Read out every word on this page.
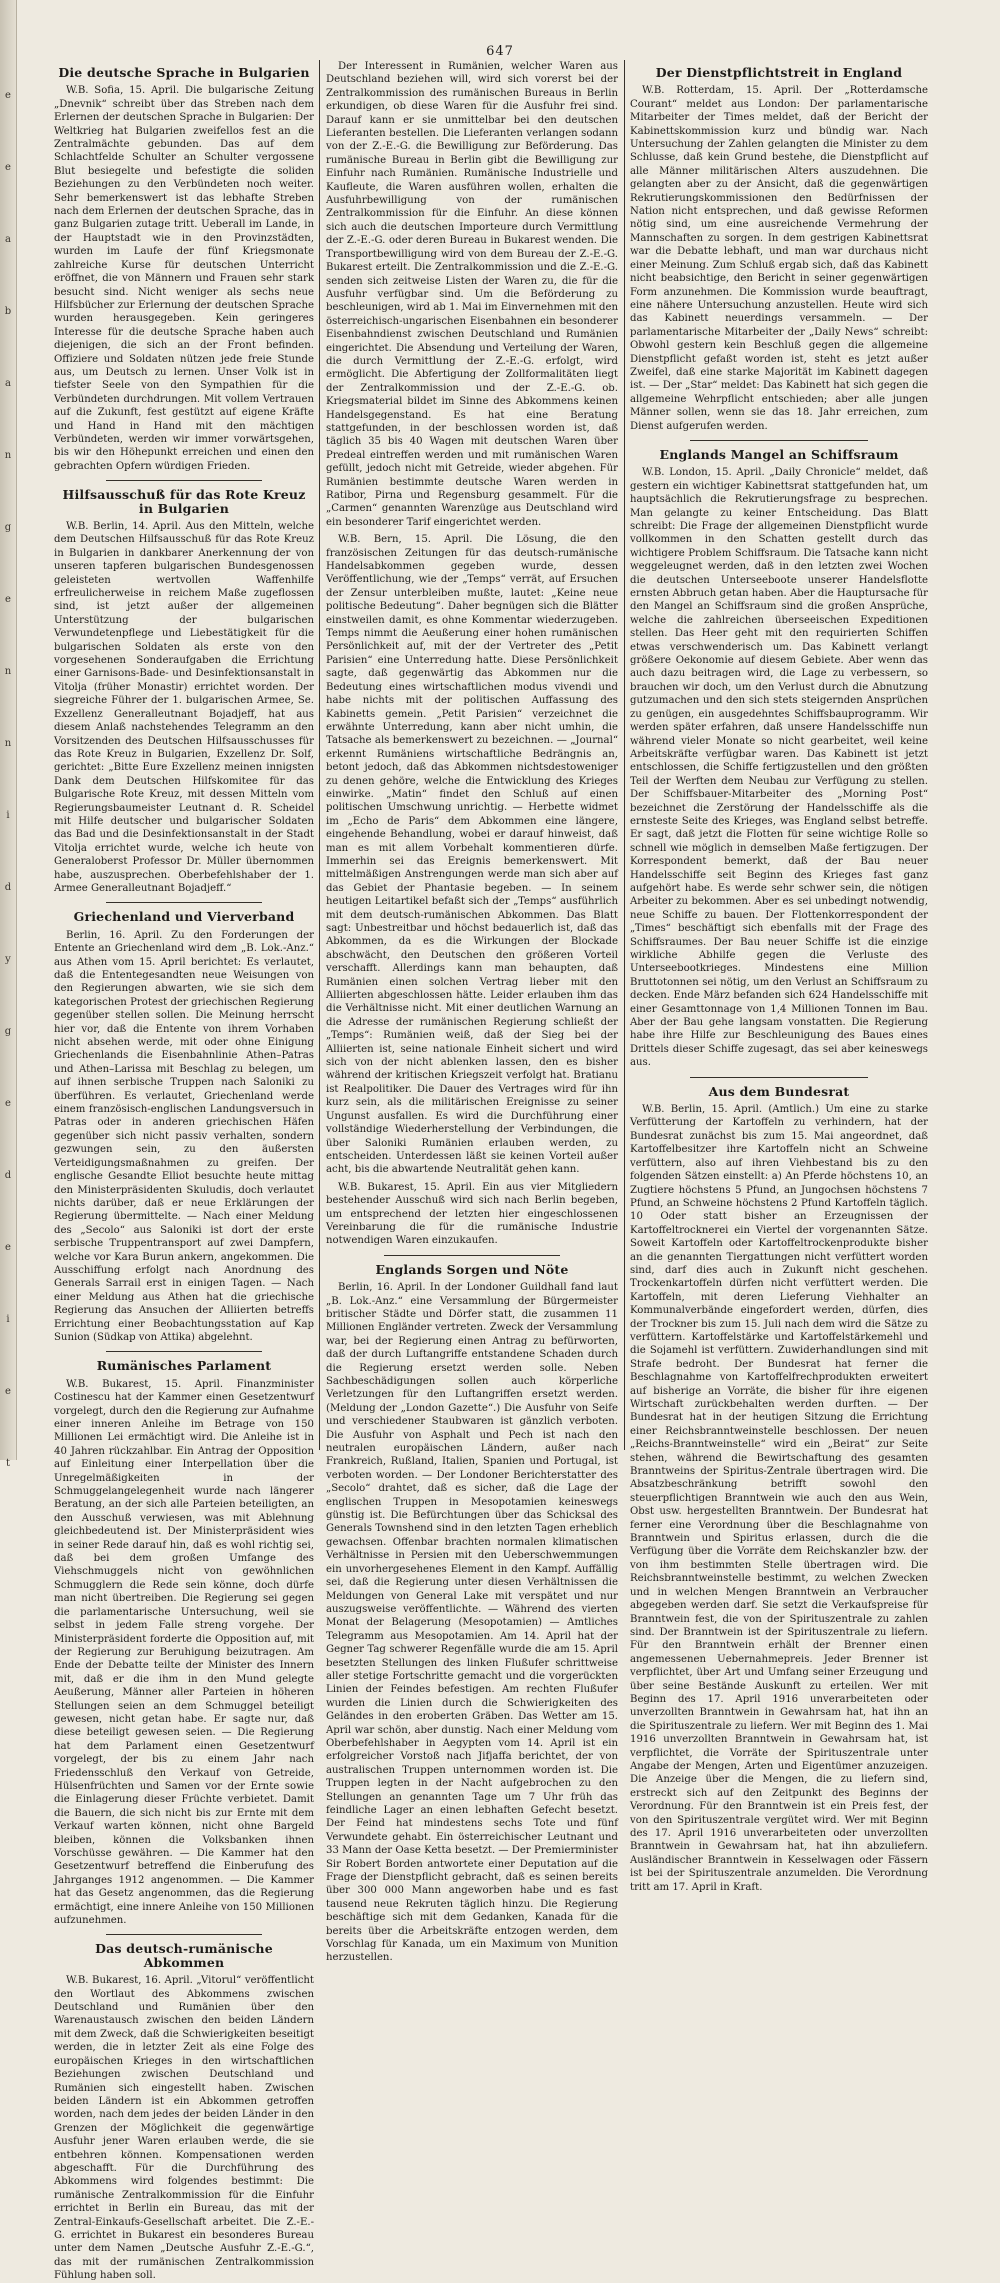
e
e
a
b
a
n
g
e
n
n
i
d
y
g
e
d
e
i
e
t
647
Die deutsche Sprache in Bulgarien

W.B. Sofia, 15. April. Die bulgarische Zeitung „Dnevnik“ schreibt über das Streben nach dem Erlernen der deutschen Sprache in Bulgarien: Der Weltkrieg hat Bulgarien zweifellos fest an die Zentralmächte gebunden. Das auf dem Schlachtfelde Schulter an Schulter vergossene Blut besiegelte und befestigte die soliden Beziehungen zu den Verbündeten noch weiter. Sehr bemerkenswert ist das lebhafte Streben nach dem Erlernen der deutschen Sprache, das in ganz Bulgarien zutage tritt. Ueberall im Lande, in der Hauptstadt wie in den Provinzstädten, wurden im Laufe der fünf Kriegsmonate zahlreiche Kurse für deutschen Unterricht eröffnet, die von Männern und Frauen sehr stark besucht sind. Nicht weniger als sechs neue Hilfsbücher zur Erlernung der deutschen Sprache wurden herausgegeben. Kein geringeres Interesse für die deutsche Sprache haben auch diejenigen, die sich an der Front befinden. Offiziere und Soldaten nützen jede freie Stunde aus, um Deutsch zu lernen. Unser Volk ist in tiefster Seele von den Sympathien für die Verbündeten durchdrungen. Mit vollem Vertrauen auf die Zukunft, fest gestützt auf eigene Kräfte und Hand in Hand mit den mächtigen Verbündeten, werden wir immer vorwärtsgehen, bis wir den Höhepunkt erreichen und einen den gebrachten Opfern würdigen Frieden.

Hilfsausschuß für das Rote Kreuz in Bulgarien

W.B. Berlin, 14. April. Aus den Mitteln, welche dem Deutschen Hilfsausschuß für das Rote Kreuz in Bulgarien in dankbarer Anerkennung der von unseren tapferen bulgarischen Bundesgenossen geleisteten wertvollen Waffenhilfe erfreulicherweise in reichem Maße zugeflossen sind, ist jetzt außer der allgemeinen Unterstützung der bulgarischen Verwundetenpflege und Liebestätigkeit für die bulgarischen Soldaten als erste von den vorgesehenen Sonderaufgaben die Errichtung einer Garnisons-Bade- und Desinfektionsanstalt in Vitolja (früher Monastir) errichtet worden. Der siegreiche Führer der 1. bulgarischen Armee, Se. Exzellenz Generalleutnant Bojadjeff, hat aus diesem Anlaß nachstehendes Telegramm an den Vorsitzenden des Deutschen Hilfsausschusses für das Rote Kreuz in Bulgarien, Exzellenz Dr. Solf, gerichtet: „Bitte Eure Exzellenz meinen innigsten Dank dem Deutschen Hilfskomitee für das Bulgarische Rote Kreuz, mit dessen Mitteln vom Regierungsbaumeister Leutnant d. R. Scheidel mit Hilfe deutscher und bulgarischer Soldaten das Bad und die Desinfektionsanstalt in der Stadt Vitolja errichtet wurde, welche ich heute von Generaloberst Professor Dr. Müller übernommen habe, auszusprechen. Oberbefehlshaber der 1. Armee Generalleutnant Bojadjeff.“

Griechenland und Vierverband

Berlin, 16. April. Zu den Forderungen der Entente an Griechenland wird dem „B. Lok.-Anz.“ aus Athen vom 15. April berichtet: Es verlautet, daß die Ententegesandten neue Weisungen von den Regierungen abwarten, wie sie sich dem kategorischen Protest der griechischen Regierung gegenüber stellen sollen. Die Meinung herrscht hier vor, daß die Entente von ihrem Vorhaben nicht absehen werde, mit oder ohne Einigung Griechenlands die Eisenbahnlinie Athen–Patras und Athen–Larissa mit Beschlag zu belegen, um auf ihnen serbische Truppen nach Saloniki zu überführen. Es verlautet, Griechenland werde einem französisch-englischen Landungsversuch in Patras oder in anderen griechischen Häfen gegenüber sich nicht passiv verhalten, sondern gezwungen sein, zu den äußersten Verteidigungsmaßnahmen zu greifen. Der englische Gesandte Elliot besuchte heute mittag den Ministerpräsidenten Skuludis, doch verlautet nichts darüber, daß er neue Erklärungen der Regierung übermittelte. — Nach einer Meldung des „Secolo“ aus Saloniki ist dort der erste serbische Truppentransport auf zwei Dampfern, welche vor Kara Burun ankern, angekommen. Die Ausschiffung erfolgt nach Anordnung des Generals Sarrail erst in einigen Tagen. — Nach einer Meldung aus Athen hat die griechische Regierung das Ansuchen der Alliierten betreffs Errichtung einer Beobachtungsstation auf Kap Sunion (Südkap von Attika) abgelehnt.

Rumänisches Parlament

W.B. Bukarest, 15. April. Finanzminister Costinescu hat der Kammer einen Gesetzentwurf vorgelegt, durch den die Regierung zur Aufnahme einer inneren Anleihe im Betrage von 150 Millionen Lei ermächtigt wird. Die Anleihe ist in 40 Jahren rückzahlbar. Ein Antrag der Opposition auf Einleitung einer Interpellation über die Unregelmäßigkeiten in der Schmuggelangelegenheit wurde nach längerer Beratung, an der sich alle Parteien beteiligten, an den Ausschuß verwiesen, was mit Ablehnung gleichbedeutend ist. Der Ministerpräsident wies in seiner Rede darauf hin, daß es wohl richtig sei, daß bei dem großen Umfange des Viehschmuggels nicht von gewöhnlichen Schmugglern die Rede sein könne, doch dürfe man nicht übertreiben. Die Regierung sei gegen die parlamentarische Untersuchung, weil sie selbst in jedem Falle streng vorgehe. Der Ministerpräsident forderte die Opposition auf, mit der Regierung zur Beruhigung beizutragen. Am Ende der Debatte teilte der Minister des Innern mit, daß er die ihm in den Mund gelegte Aeußerung, Männer aller Parteien in höheren Stellungen seien an dem Schmuggel beteiligt gewesen, nicht getan habe. Er sagte nur, daß diese beteiligt gewesen seien. — Die Regierung hat dem Parlament einen Gesetzentwurf vorgelegt, der bis zu einem Jahr nach Friedensschluß den Verkauf von Getreide, Hülsenfrüchten und Samen vor der Ernte sowie die Einlagerung dieser Früchte verbietet. Damit die Bauern, die sich nicht bis zur Ernte mit dem Verkauf warten können, nicht ohne Bargeld bleiben, können die Volksbanken ihnen Vorschüsse gewähren. — Die Kammer hat den Gesetzentwurf betreffend die Einberufung des Jahrganges 1912 angenommen. — Die Kammer hat das Gesetz angenommen, das die Regierung ermächtigt, eine innere Anleihe von 150 Millionen aufzunehmen.

Das deutsch-rumänische Abkommen

W.B. Bukarest, 16. April. „Vitorul“ veröffentlicht den Wortlaut des Abkommens zwischen Deutschland und Rumänien über den Warenaustausch zwischen den beiden Ländern mit dem Zweck, daß die Schwierigkeiten beseitigt werden, die in letzter Zeit als eine Folge des europäischen Krieges in den wirtschaftlichen Beziehungen zwischen Deutschland und Rumänien sich eingestellt haben. Zwischen beiden Ländern ist ein Abkommen getroffen worden, nach dem jedes der beiden Länder in den Grenzen der Möglichkeit die gegenwärtige Ausfuhr jener Waren erlauben werde, die sie entbehren können. Kompensationen werden abgeschafft. Für die Durchführung des Abkommens wird folgendes bestimmt: Die rumänische Zentralkommission für die Einfuhr errichtet in Berlin ein Bureau, das mit der Zentral-Einkaufs-Gesellschaft arbeitet. Die Z.-E.-G. errichtet in Bukarest ein besonderes Bureau unter dem Namen „Deutsche Ausfuhr Z.-E.-G.“, das mit der rumänischen Zentralkommission Fühlung haben soll.

Der Interessent in Rumänien, welcher Waren aus Deutschland beziehen will, wird sich vorerst bei der Zentralkommission des rumänischen Bureaus in Berlin erkundigen, ob diese Waren für die Ausfuhr frei sind. Darauf kann er sie unmittelbar bei den deutschen Lieferanten bestellen. Die Lieferanten verlangen sodann von der Z.-E.-G. die Bewilligung zur Beförderung. Das rumänische Bureau in Berlin gibt die Bewilligung zur Einfuhr nach Rumänien. Rumänische Industrielle und Kaufleute, die Waren ausführen wollen, erhalten die Ausfuhrbewilligung von der rumänischen Zentralkommission für die Einfuhr. An diese können sich auch die deutschen Importeure durch Vermittlung der Z.-E.-G. oder deren Bureau in Bukarest wenden. Die Transportbewilligung wird von dem Bureau der Z.-E.-G. Bukarest erteilt. Die Zentralkommission und die Z.-E.-G. senden sich zeitweise Listen der Waren zu, die für die Ausfuhr verfügbar sind. Um die Beförderung zu beschleunigen, wird ab 1. Mai im Einvernehmen mit den österreichisch-ungarischen Eisenbahnen ein besonderer Eisenbahndienst zwischen Deutschland und Rumänien eingerichtet. Die Absendung und Verteilung der Waren, die durch Vermittlung der Z.-E.-G. erfolgt, wird ermöglicht. Die Abfertigung der Zollformalitäten liegt der Zentralkommission und der Z.-E.-G. ob. Kriegsmaterial bildet im Sinne des Abkommens keinen Handelsgegenstand. Es hat eine Beratung stattgefunden, in der beschlossen worden ist, daß täglich 35 bis 40 Wagen mit deutschen Waren über Predeal eintreffen werden und mit rumänischen Waren gefüllt, jedoch nicht mit Getreide, wieder abgehen. Für Rumänien bestimmte deutsche Waren werden in Ratibor, Pirna und Regensburg gesammelt. Für die „Carmen“ genannten Warenzüge aus Deutschland wird ein besonderer Tarif eingerichtet werden.

W.B. Bern, 15. April. Die Lösung, die den französischen Zeitungen für das deutsch-rumänische Handelsabkommen gegeben wurde, dessen Veröffentlichung, wie der „Temps“ verrät, auf Ersuchen der Zensur unterbleiben mußte, lautet: „Keine neue politische Bedeutung“. Daher begnügen sich die Blätter einstweilen damit, es ohne Kommentar wiederzugeben. Temps nimmt die Aeußerung einer hohen rumänischen Persönlichkeit auf, mit der der Vertreter des „Petit Parisien“ eine Unterredung hatte. Diese Persönlichkeit sagte, daß gegenwärtig das Abkommen nur die Bedeutung eines wirtschaftlichen modus vivendi und habe nichts mit der politischen Auffassung des Kabinetts gemein. „Petit Parisien“ verzeichnet die erwähnte Unterredung, kann aber nicht umhin, die Tatsache als bemerkenswert zu bezeichnen. — „Journal“ erkennt Rumäniens wirtschaftliche Bedrängnis an, betont jedoch, daß das Abkommen nichtsdestoweniger zu denen gehöre, welche die Entwicklung des Krieges einwirke. „Matin“ findet den Schluß auf einen politischen Umschwung unrichtig. — Herbette widmet im „Echo de Paris“ dem Abkommen eine längere, eingehende Behandlung, wobei er darauf hinweist, daß man es mit allem Vorbehalt kommentieren dürfe. Immerhin sei das Ereignis bemerkenswert. Mit mittelmäßigen Anstrengungen werde man sich aber auf das Gebiet der Phantasie begeben. — In seinem heutigen Leitartikel befaßt sich der „Temps“ ausführlich mit dem deutsch-rumänischen Abkommen. Das Blatt sagt: Unbestreitbar und höchst bedauerlich ist, daß das Abkommen, da es die Wirkungen der Blockade abschwächt, den Deutschen den größeren Vorteil verschafft. Allerdings kann man behaupten, daß Rumänien einen solchen Vertrag lieber mit den Alliierten abgeschlossen hätte. Leider erlauben ihm das die Verhältnisse nicht. Mit einer deutlichen Warnung an die Adresse der rumänischen Regierung schließt der „Temps“: Rumänien weiß, daß der Sieg bei der Alliierten ist, seine nationale Einheit sichert und wird sich von der nicht ablenken lassen, den es bisher während der kritischen Kriegszeit verfolgt hat. Bratianu ist Realpolitiker. Die Dauer des Vertrages wird für ihn kurz sein, als die militärischen Ereignisse zu seiner Ungunst ausfallen. Es wird die Durchführung einer vollständige Wiederherstellung der Verbindungen, die über Saloniki Rumänien erlauben werden, zu entscheiden. Unterdessen läßt sie keinen Vorteil außer acht, bis die abwartende Neutralität gehen kann.

W.B. Bukarest, 15. April. Ein aus vier Mitgliedern bestehender Ausschuß wird sich nach Berlin begeben, um entsprechend der letzten hier eingeschlossenen Vereinbarung die für die rumänische Industrie notwendigen Waren einzukaufen.

Englands Sorgen und Nöte

Berlin, 16. April. In der Londoner Guildhall fand laut „B. Lok.-Anz.“ eine Versammlung der Bürgermeister britischer Städte und Dörfer statt, die zusammen 11 Millionen Engländer vertreten. Zweck der Versammlung war, bei der Regierung einen Antrag zu befürworten, daß der durch Luftangriffe entstandene Schaden durch die Regierung ersetzt werden solle. Neben Sachbeschädigungen sollen auch körperliche Verletzungen für den Luftangriffen ersetzt werden. (Meldung der „London Gazette“.) Die Ausfuhr von Seife und verschiedener Staubwaren ist gänzlich verboten. Die Ausfuhr von Asphalt und Pech ist nach den neutralen europäischen Ländern, außer nach Frankreich, Rußland, Italien, Spanien und Portugal, ist verboten worden. — Der Londoner Berichterstatter des „Secolo“ drahtet, daß es sicher, daß die Lage der englischen Truppen in Mesopotamien keineswegs günstig ist. Die Befürchtungen über das Schicksal des Generals Townshend sind in den letzten Tagen erheblich gewachsen. Offenbar brachten normalen klimatischen Verhältnisse in Persien mit den Ueberschwemmungen ein unvorhergesehenes Element in den Kampf. Auffällig sei, daß die Regierung unter diesen Verhältnissen die Meldungen von General Lake mit verspätet und nur auszugsweise veröffentlichte. — Während des vierten Monat der Belagerung (Mesopotamien) — Amtliches Telegramm aus Mesopotamien. Am 14. April hat der Gegner Tag schwerer Regenfälle wurde die am 15. April besetzten Stellungen des linken Flußufer schrittweise aller stetige Fortschritte gemacht und die vorgerückten Linien der Feindes befestigen. Am rechten Flußufer wurden die Linien durch die Schwierigkeiten des Geländes in den eroberten Gräben. Das Wetter am 15. April war schön, aber dunstig. Nach einer Meldung vom Oberbefehlshaber in Aegypten vom 14. April ist ein erfolgreicher Vorstoß nach Jifjaffa berichtet, der von australischen Truppen unternommen worden ist. Die Truppen legten in der Nacht aufgebrochen zu den Stellungen an genannten Tage um 7 Uhr früh das feindliche Lager an einen lebhaften Gefecht besetzt. Der Feind hat mindestens sechs Tote und fünf Verwundete gehabt. Ein österreichischer Leutnant und 33 Mann der Oase Ketta besetzt. — Der Premierminister Sir Robert Borden antwortete einer Deputation auf die Frage der Dienstpflicht gebracht, daß es seinen bereits über 300 000 Mann angeworben habe und es fast tausend neue Rekruten täglich hinzu. Die Regierung beschäftige sich mit dem Gedanken, Kanada für die bereits über die Arbeitskräfte entzogen werden, dem Vorschlag für Kanada, um ein Maximum von Munition herzustellen.

Der Dienstpflichtstreit in England

W.B. Rotterdam, 15. April. Der „Rotterdamsche Courant“ meldet aus London: Der parlamentarische Mitarbeiter der Times meldet, daß der Bericht der Kabinettskommission kurz und bündig war. Nach Untersuchung der Zahlen gelangten die Minister zu dem Schlusse, daß kein Grund bestehe, die Dienstpflicht auf alle Männer militärischen Alters auszudehnen. Die gelangten aber zu der Ansicht, daß die gegenwärtigen Rekrutierungskommissionen den Bedürfnissen der Nation nicht entsprechen, und daß gewisse Reformen nötig sind, um eine ausreichende Vermehrung der Mannschaften zu sorgen. In dem gestrigen Kabinettsrat war die Debatte lebhaft, und man war durchaus nicht einer Meinung. Zum Schluß ergab sich, daß das Kabinett nicht beabsichtige, den Bericht in seiner gegenwärtigen Form anzunehmen. Die Kommission wurde beauftragt, eine nähere Untersuchung anzustellen. Heute wird sich das Kabinett neuerdings versammeln. — Der parlamentarische Mitarbeiter der „Daily News“ schreibt: Obwohl gestern kein Beschluß gegen die allgemeine Dienstpflicht gefaßt worden ist, steht es jetzt außer Zweifel, daß eine starke Majorität im Kabinett dagegen ist. — Der „Star“ meldet: Das Kabinett hat sich gegen die allgemeine Wehrpflicht entschieden; aber alle jungen Männer sollen, wenn sie das 18. Jahr erreichen, zum Dienst aufgerufen werden.

Englands Mangel an Schiffsraum

W.B. London, 15. April. „Daily Chronicle“ meldet, daß gestern ein wichtiger Kabinettsrat stattgefunden hat, um hauptsächlich die Rekrutierungsfrage zu besprechen. Man gelangte zu keiner Entscheidung. Das Blatt schreibt: Die Frage der allgemeinen Dienstpflicht wurde vollkommen in den Schatten gestellt durch das wichtigere Problem Schiffsraum. Die Tatsache kann nicht weggeleugnet werden, daß in den letzten zwei Wochen die deutschen Unterseeboote unserer Handelsflotte ernsten Abbruch getan haben. Aber die Hauptursache für den Mangel an Schiffsraum sind die großen Ansprüche, welche die zahlreichen überseeischen Expeditionen stellen. Das Heer geht mit den requirierten Schiffen etwas verschwenderisch um. Das Kabinett verlangt größere Oekonomie auf diesem Gebiete. Aber wenn das auch dazu beitragen wird, die Lage zu verbessern, so brauchen wir doch, um den Verlust durch die Abnutzung gutzumachen und den sich stets steigernden Ansprüchen zu genügen, ein ausgedehntes Schiffsbauprogramm. Wir werden später erfahren, daß unsere Handelsschiffe nun während vieler Monate so nicht gearbeitet, weil keine Arbeitskräfte verfügbar waren. Das Kabinett ist jetzt entschlossen, die Schiffe fertigzustellen und den größten Teil der Werften dem Neubau zur Verfügung zu stellen. Der Schiffsbauer-Mitarbeiter des „Morning Post“ bezeichnet die Zerstörung der Handelsschiffe als die ernsteste Seite des Krieges, was England selbst betreffe. Er sagt, daß jetzt die Flotten für seine wichtige Rolle so schnell wie möglich in demselben Maße fertigzugen. Der Korrespondent bemerkt, daß der Bau neuer Handelsschiffe seit Beginn des Krieges fast ganz aufgehört habe. Es werde sehr schwer sein, die nötigen Arbeiter zu bekommen. Aber es sei unbedingt notwendig, neue Schiffe zu bauen. Der Flottenkorrespondent der „Times“ beschäftigt sich ebenfalls mit der Frage des Schiffsraumes. Der Bau neuer Schiffe ist die einzige wirkliche Abhilfe gegen die Verluste des Unterseebootkrieges. Mindestens eine Million Bruttotonnen sei nötig, um den Verlust an Schiffsraum zu decken. Ende März befanden sich 624 Handelsschiffe mit einer Gesamttonnage von 1,4 Millionen Tonnen im Bau. Aber der Bau gehe langsam vonstatten. Die Regierung habe ihre Hilfe zur Beschleunigung des Baues eines Drittels dieser Schiffe zugesagt, das sei aber keineswegs aus.

Aus dem Bundesrat

W.B. Berlin, 15. April. (Amtlich.) Um eine zu starke Verfütterung der Kartoffeln zu verhindern, hat der Bundesrat zunächst bis zum 15. Mai angeordnet, daß Kartoffelbesitzer ihre Kartoffeln nicht an Schweine verfüttern, also auf ihren Viehbestand bis zu den folgenden Sätzen einstellt: a) An Pferde höchstens 10, an Zugtiere höchstens 5 Pfund, an Jungochsen höchstens 7 Pfund, an Schweine höchstens 2 Pfund Kartoffeln täglich. 10 Oder statt bisher an Erzeugnissen der Kartoffeltrocknerei ein Viertel der vorgenannten Sätze. Soweit Kartoffeln oder Kartoffeltrockenprodukte bisher an die genannten Tiergattungen nicht verfüttert worden sind, darf dies auch in Zukunft nicht geschehen. Trockenkartoffeln dürfen nicht verfüttert werden. Die Kartoffeln, mit deren Lieferung Viehhalter an Kommunalverbände eingefordert werden, dürfen, dies der Trockner bis zum 15. Juli nach dem wird die Sätze zu verfüttern. Kartoffelstärke und Kartoffelstärkemehl und die Sojamehl ist verfüttern. Zuwiderhandlungen sind mit Strafe bedroht. Der Bundesrat hat ferner die Beschlagnahme von Kartoffelfrechprodukten erweitert auf bisherige an Vorräte, die bisher für ihre eigenen Wirtschaft zurückbehalten werden durften. — Der Bundesrat hat in der heutigen Sitzung die Errichtung einer Reichsbranntweinstelle beschlossen. Der neuen „Reichs-Branntweinstelle“ wird ein „Beirat“ zur Seite stehen, während die Bewirtschaftung des gesamten Branntweins der Spiritus-Zentrale übertragen wird. Die Absatzbeschränkung betrifft sowohl den steuerpflichtigen Branntwein wie auch den aus Wein, Obst usw. hergestellten Branntwein. Der Bundesrat hat ferner eine Verordnung über die Beschlagnahme von Branntwein und Spiritus erlassen, durch die die Verfügung über die Vorräte dem Reichskanzler bzw. der von ihm bestimmten Stelle übertragen wird. Die Reichsbranntweinstelle bestimmt, zu welchen Zwecken und in welchen Mengen Branntwein an Verbraucher abgegeben werden darf. Sie setzt die Verkaufspreise für Branntwein fest, die von der Spirituszentrale zu zahlen sind. Der Branntwein ist der Spirituszentrale zu liefern. Für den Branntwein erhält der Brenner einen angemessenen Uebernahmepreis. Jeder Brenner ist verpflichtet, über Art und Umfang seiner Erzeugung und über seine Bestände Auskunft zu erteilen. Wer mit Beginn des 17. April 1916 unverarbeiteten oder unverzollten Branntwein in Gewahrsam hat, hat ihn an die Spirituszentrale zu liefern. Wer mit Beginn des 1. Mai 1916 unverzollten Branntwein in Gewahrsam hat, ist verpflichtet, die Vorräte der Spirituszentrale unter Angabe der Mengen, Arten und Eigentümer anzuzeigen. Die Anzeige über die Mengen, die zu liefern sind, erstreckt sich auf den Zeitpunkt des Beginns der Verordnung. Für den Branntwein ist ein Preis fest, der von den Spirituszentrale vergütet wird. Wer mit Beginn des 17. April 1916 unverarbeiteten oder unverzollten Branntwein in Gewahrsam hat, hat ihn abzuliefern. Ausländischer Branntwein in Kesselwagen oder Fässern ist bei der Spirituszentrale anzumelden. Die Verordnung tritt am 17. April in Kraft.
